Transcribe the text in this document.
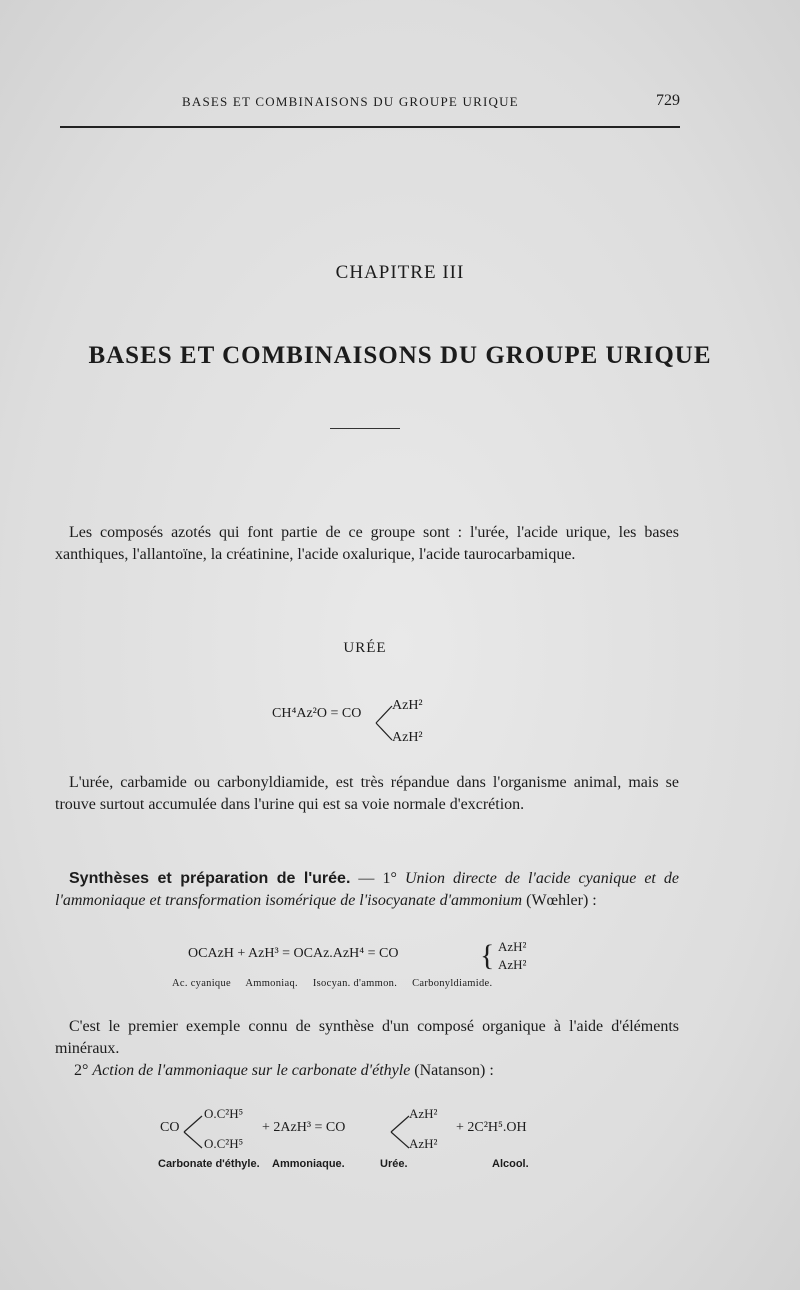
BASES ET COMBINAISONS DU GROUPE URIQUE	729
CHAPITRE III
BASES ET COMBINAISONS DU GROUPE URIQUE
Les composés azotés qui font partie de ce groupe sont : l'urée, l'acide urique, les bases xanthiques, l'allantoïne, la créatinine, l'acide oxalurique, l'acide taurocarbamique.
URÉE
CH⁴Az²O = CO
AzH²
AzH²
L'urée, carbamide ou carbonyldiamide, est très répandue dans l'organisme animal, mais se trouve surtout accumulée dans l'urine qui est sa voie normale d'excrétion.
Synthèses et préparation de l'urée. — 1° Union directe de l'acide cyanique et de l'ammoniaque et transformation isomérique de l'isocyanate d'ammonium (Wœhler) :
OCAzH + AzH³ = OCAz.AzH⁴ = CO	{ AzH²
AzH²
Ac. cyanique Ammoniaq. Isocyan. d'ammon. Carbonyldiamide.
C'est le premier exemple connu de synthèse d'un composé organique à l'aide d'éléments minéraux.
2° Action de l'ammoniaque sur le carbonate d'éthyle (Natanson) :
CO
O.C²H⁵
O.C²H⁵
+ 2AzH³ = CO
AzH²
AzH²
+ 2C²H⁵.OH
Carbonate d'éthyle. Ammoniaque.	Urée.	Alcool.
